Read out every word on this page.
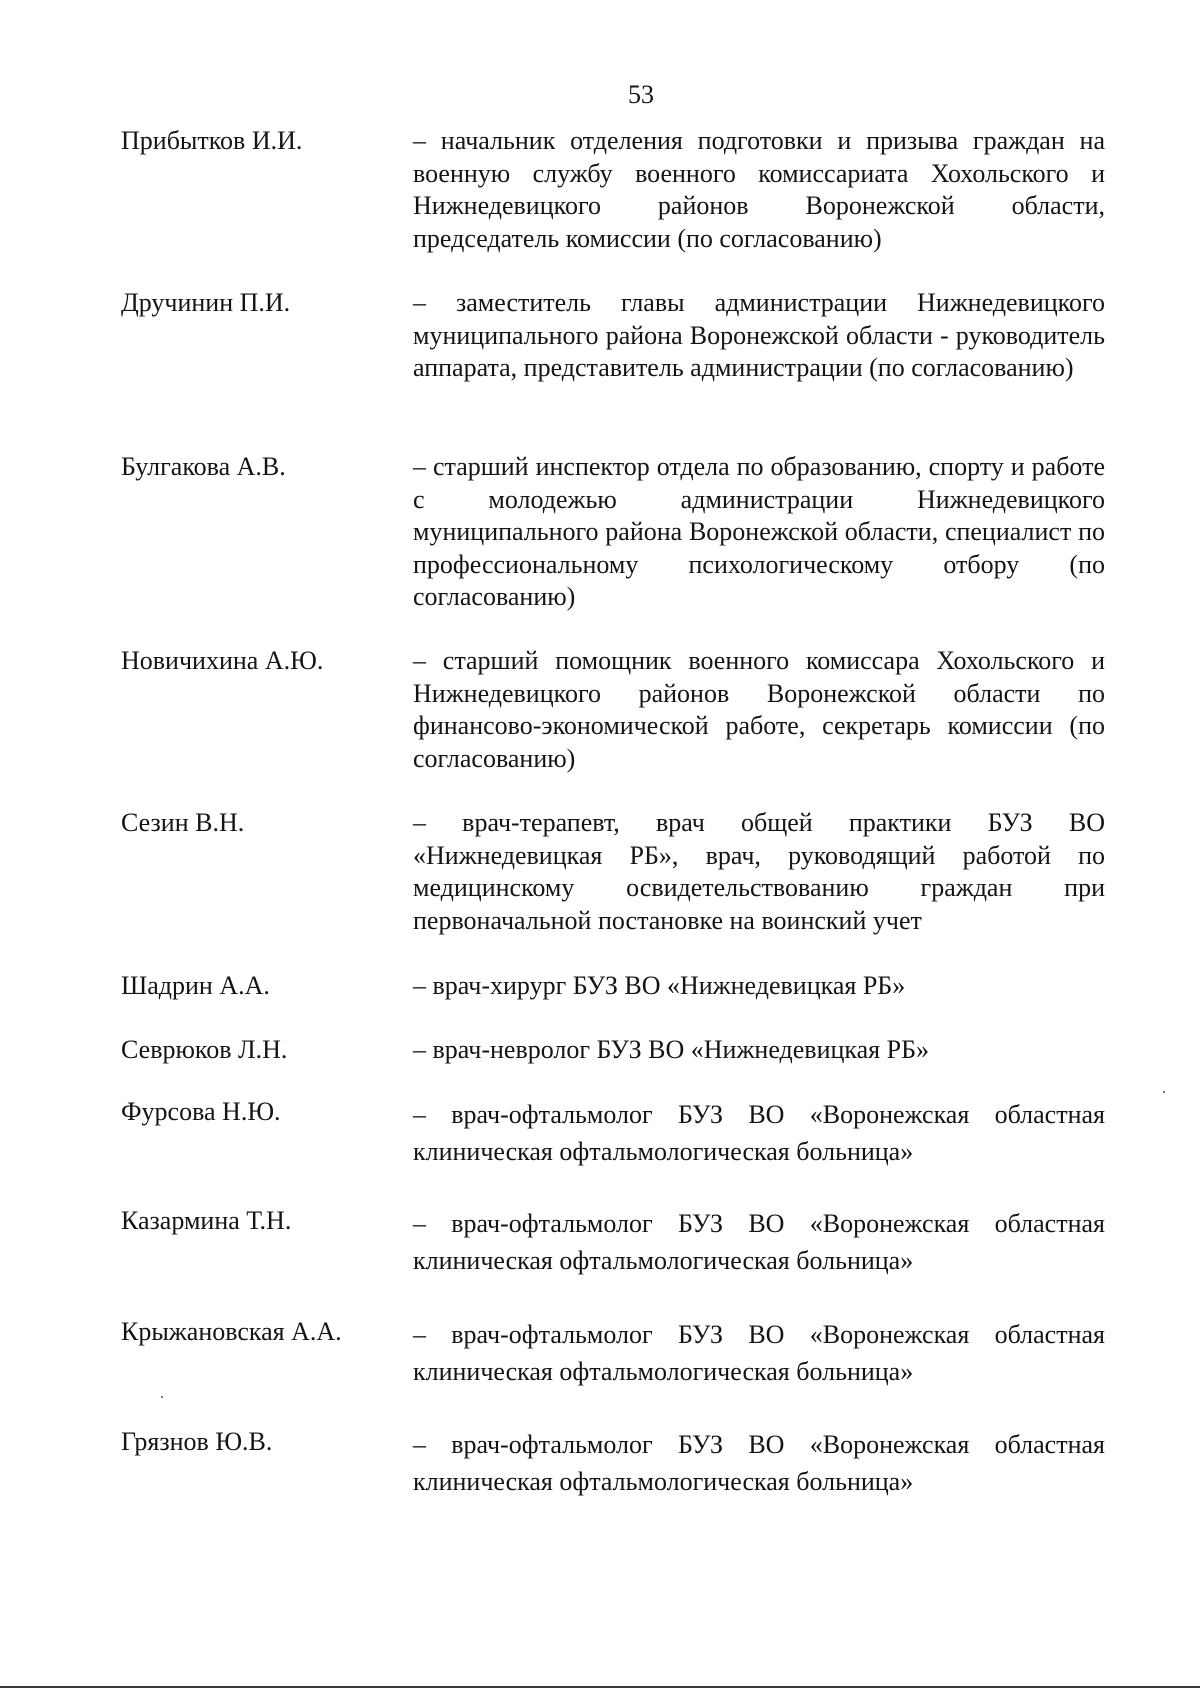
53
Прибытков И.И.	– начальник отделения подготовки и призыва граждан на военную службу военного комиссариата Хохольского и Нижнедевицкого районов Воронежской области, председатель комиссии (по согласованию)
Дручинин П.И.	– заместитель главы администрации Нижнедевицкого муниципального района Воронежской области - руководитель аппарата, представитель администрации (по согласованию)
Булгакова А.В.	– старший инспектор отдела по образованию, спорту и работе с молодежью администрации Нижнедевицкого муниципального района Воронежской области, специалист по профессиональному психологическому отбору (по согласованию)
Новичихина А.Ю.	– старший помощник военного комиссара Хохольского и Нижнедевицкого районов Воронежской области по финансово-экономической работе, секретарь комиссии (по согласованию)
Сезин В.Н.	– врач-терапевт, врач общей практики БУЗ ВО «Нижнедевицкая РБ», врач, руководящий работой по медицинскому освидетельствованию граждан при первоначальной постановке на воинский учет
Шадрин А.А.	– врач-хирург БУЗ ВО «Нижнедевицкая РБ»
Севрюков Л.Н.	– врач-невролог БУЗ ВО «Нижнедевицкая РБ»
Фурсова Н.Ю.	– врач-офтальмолог БУЗ ВО «Воронежская областная клиническая офтальмологическая больница»
Казармина Т.Н.	– врач-офтальмолог БУЗ ВО «Воронежская областная клиническая офтальмологическая больница»
Крыжановская А.А.	– врач-офтальмолог БУЗ ВО «Воронежская областная клиническая офтальмологическая больница»
Грязнов Ю.В.	– врач-офтальмолог БУЗ ВО «Воронежская областная клиническая офтальмологическая больница»
